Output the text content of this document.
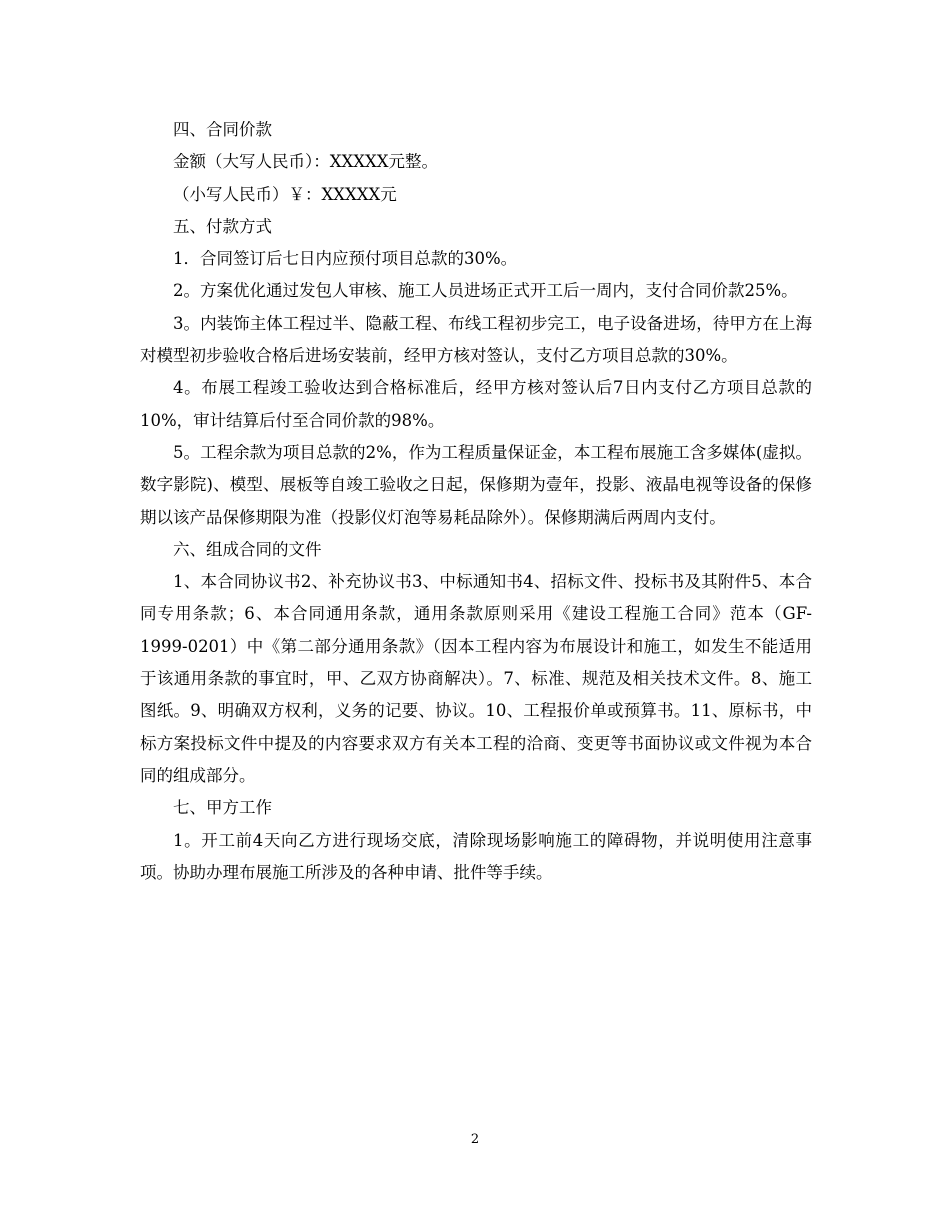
四、合同价款

金额（大写人民币）：XXXXX元整。

（小写人民币）￥：XXXXX元

五、付款方式

1．合同签订后七日内应预付项目总款的30%。

2。方案优化通过发包人审核、施工人员进场正式开工后一周内，支付合同价款25%。

3。内装饰主体工程过半、隐蔽工程、布线工程初步完工，电子设备进场，待甲方在上海对模型初步验收合格后进场安装前，经甲方核对签认，支付乙方项目总款的30%。

4。布展工程竣工验收达到合格标准后，经甲方核对签认后7日内支付乙方项目总款的10%，审计结算后付至合同价款的98%。

5。工程余款为项目总款的2%，作为工程质量保证金，本工程布展施工含多媒体(虚拟。数字影院)、模型、展板等自竣工验收之日起，保修期为壹年，投影、液晶电视等设备的保修期以该产品保修期限为准（投影仪灯泡等易耗品除外）。保修期满后两周内支付。

六、组成合同的文件

1、本合同协议书2、补充协议书3、中标通知书4、招标文件、投标书及其附件5、本合同专用条款；6、本合同通用条款，通用条款原则采用《建设工程施工合同》范本（GF-1999-0201）中《第二部分通用条款》（因本工程内容为布展设计和施工，如发生不能适用于该通用条款的事宜时，甲、乙双方协商解决）。7、标准、规范及相关技术文件。8、施工图纸。9、明确双方权利，义务的记要、协议。10、工程报价单或预算书。11、原标书，中标方案投标文件中提及的内容要求双方有关本工程的洽商、变更等书面协议或文件视为本合同的组成部分。

七、甲方工作

1。开工前4天向乙方进行现场交底，清除现场影响施工的障碍物，并说明使用注意事项。协助办理布展施工所涉及的各种申请、批件等手续。

2
